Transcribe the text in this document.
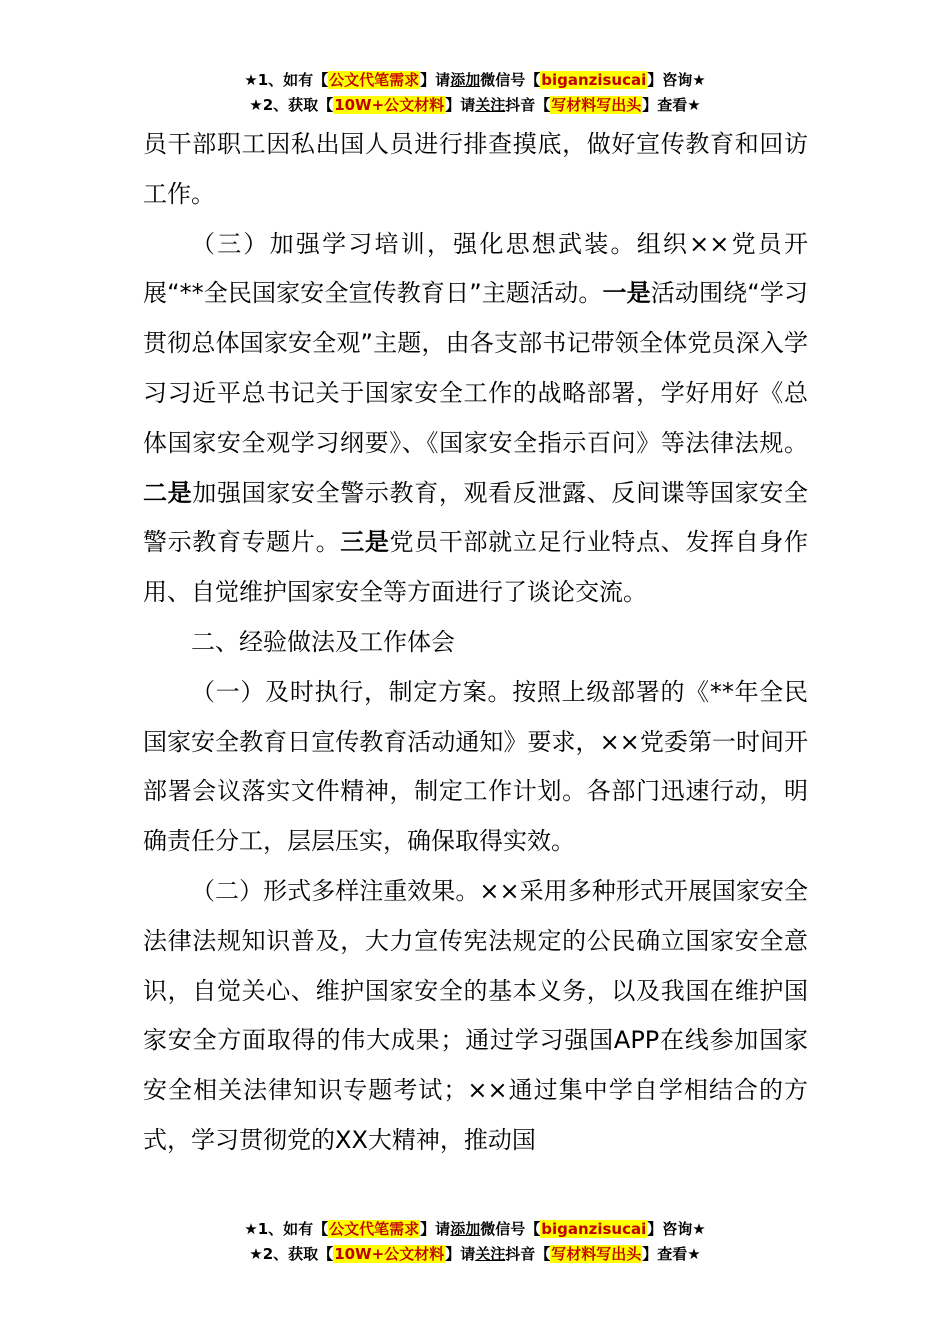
★1、如有【公文代笔需求】请添加微信号【biganzisucai】咨询★
★2、获取【10W+公文材料】请关注抖音【写材料写出头】查看★

员干部职工因私出国人员进行排查摸底，做好宣传教育和回访工作。

（三）加强学习培训，强化思想武装。组织××党员开展“**全民国家安全宣传教育日”主题活动。一是活动围绕“学习贯彻总体国家安全观”主题，由各支部书记带领全体党员深入学习习近平总书记关于国家安全工作的战略部署，学好用好《总体国家安全观学习纲要》、《国家安全指示百问》等法律法规。二是加强国家安全警示教育，观看反泄露、反间谍等国家安全警示教育专题片。三是党员干部就立足行业特点、发挥自身作用、自觉维护国家安全等方面进行了谈论交流。

二、经验做法及工作体会

（一）及时执行，制定方案。按照上级部署的《**年全民国家安全教育日宣传教育活动通知》要求，××党委第一时间开部署会议落实文件精神，制定工作计划。各部门迅速行动，明确责任分工，层层压实，确保取得实效。

（二）形式多样注重效果。××采用多种形式开展国家安全法律法规知识普及，大力宣传宪法规定的公民确立国家安全意识，自觉关心、维护国家安全的基本义务，以及我国在维护国家安全方面取得的伟大成果；通过学习强国APP在线参加国家安全相关法律知识专题考试；××通过集中学自学相结合的方式，学习贯彻党的XX大精神，推动国

★1、如有【公文代笔需求】请添加微信号【biganzisucai】咨询★
★2、获取【10W+公文材料】请关注抖音【写材料写出头】查看★
